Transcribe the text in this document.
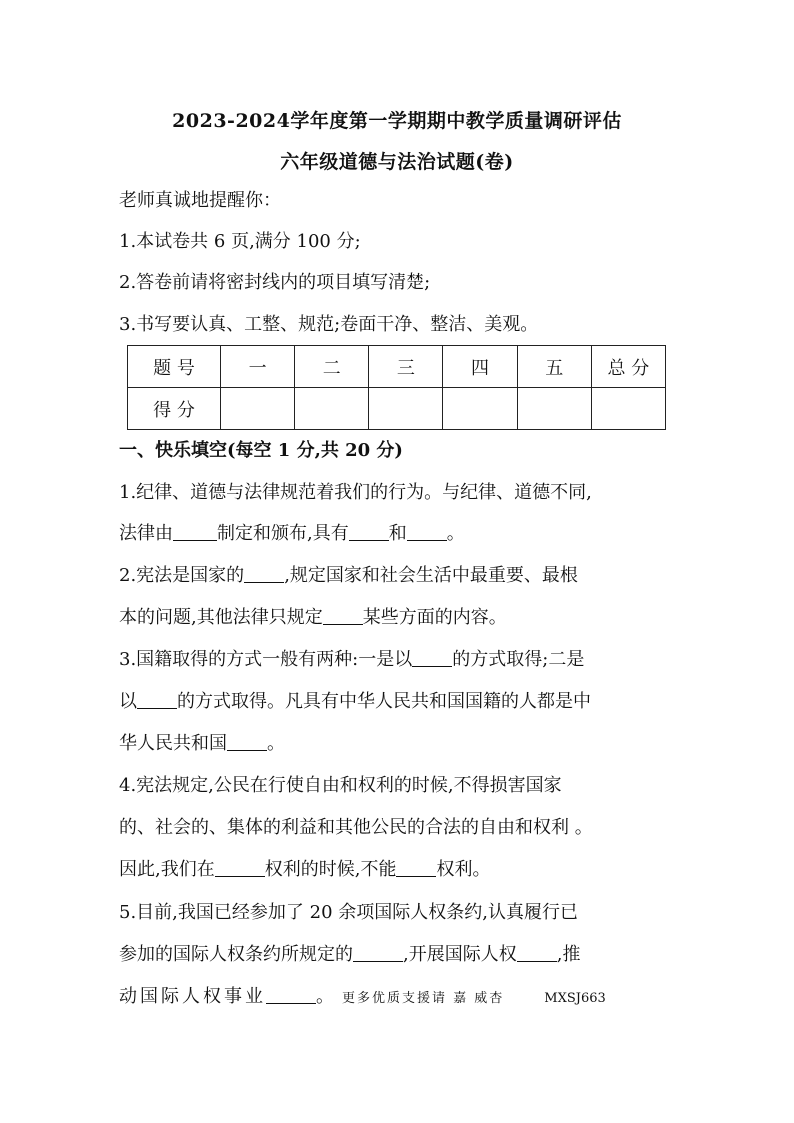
2023-2024学年度第一学期期中教学质量调研评估
六年级道德与法治试题(卷)
老师真诚地提醒你：
1.本试卷共 6 页,满分 100 分;
2.答卷前请将密封线内的项目填写清楚;
3.书写要认真、工整、规范;卷面干净、整洁、美观。
题 号	一	二	三	四	五	总 分
得 分						
一、快乐填空(每空 1 分,共 20 分)
1.纪律、道德与法律规范着我们的行为。与纪律、道德不同,
法律由 制定和颁布,具有 和 。
2.宪法是国家的 ,规定国家和社会生活中最重要、最根
本的问题,其他法律只规定 某些方面的内容。
3.国籍取得的方式一般有两种:一是以 的方式取得;二是
以 的方式取得。凡具有中华人民共和国国籍的人都是中
华人民共和国 。
4.宪法规定,公民在行使自由和权利的时候,不得损害国家
的、社会的、集体的利益和其他公民的合法的自由和权利 。
因此,我们在	权利的时候,不能 权利。
5.目前,我国已经参加了 20 余项国际人权条约,认真履行已
参加的国际人权条约所规定的	,开展国际人权 ,推
动国际人权事业	。 更多优质支援请 嘉 威杏	MXSJ663
